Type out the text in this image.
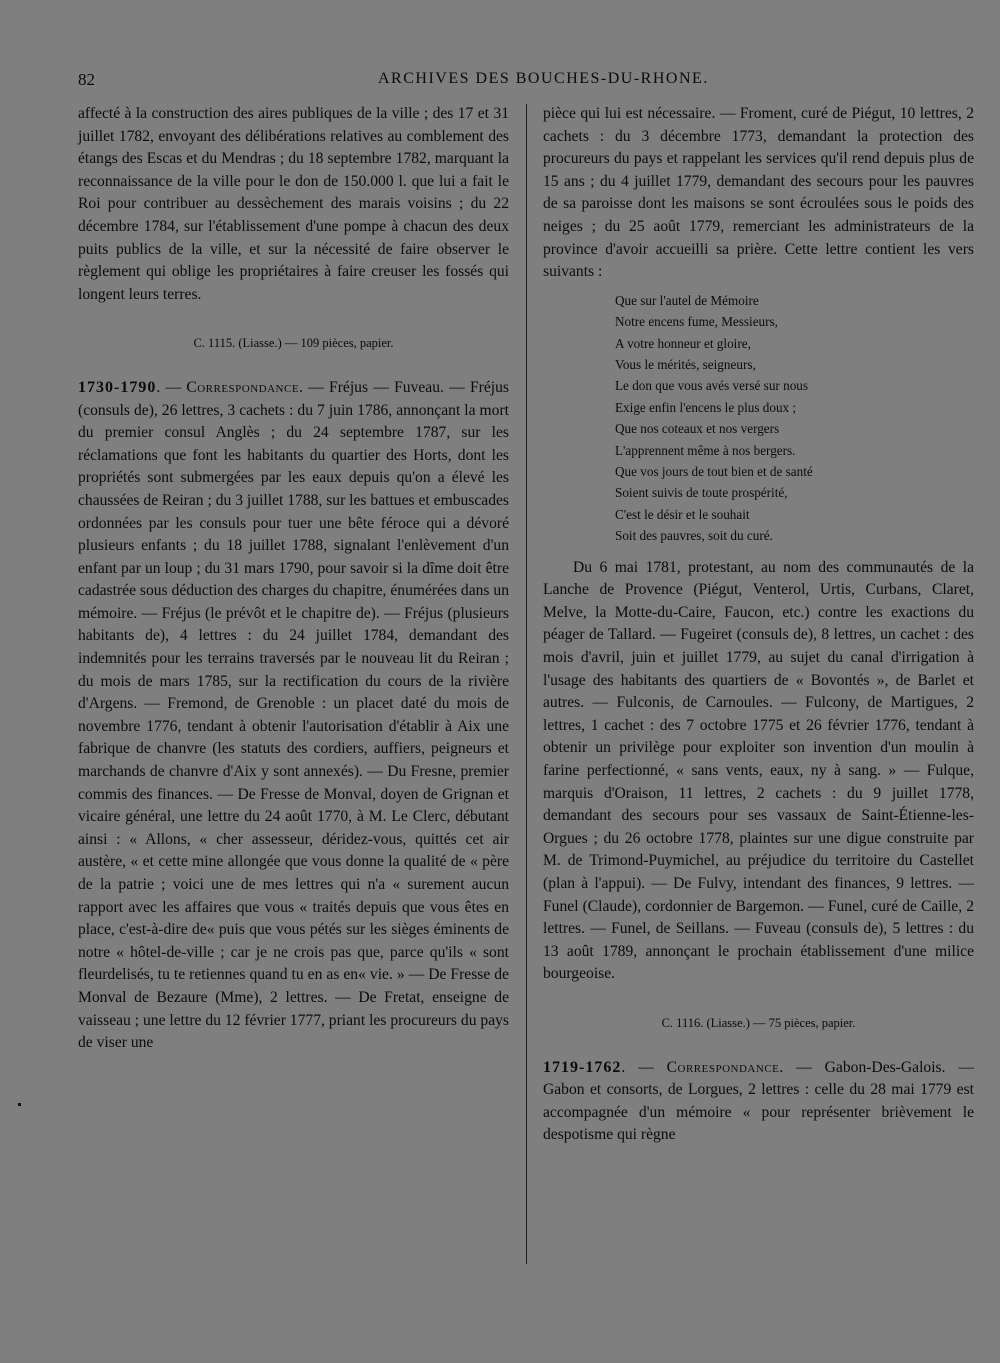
82	ARCHIVES DES BOUCHES-DU-RHONE.

affecté à la construction des aires publiques de la ville ; des 17 et 31 juillet 1782, envoyant des délibérations relatives au comblement des étangs des Escas et du Mendras ; du 18 septembre 1782, marquant la reconnaissance de la ville pour le don de 150.000 l. que lui a fait le Roi pour contribuer au dessèchement des marais voisins ; du 22 décembre 1784, sur l'établissement d'une pompe à chacun des deux puits publics de la ville, et sur la nécessité de faire observer le règlement qui oblige les propriétaires à faire creuser les fossés qui longent leurs terres.

C. 1115. (Liasse.) — 109 pièces, papier.

1730-1790. — Correspondance. — Fréjus — Fuveau. — Fréjus (consuls de), 26 lettres, 3 cachets : du 7 juin 1786, annonçant la mort du premier consul Anglès ; du 24 septembre 1787, sur les réclamations que font les habitants du quartier des Horts, dont les propriétés sont submergées par les eaux depuis qu'on a élevé les chaussées de Reiran ; du 3 juillet 1788, sur les battues et embuscades ordonnées par les consuls pour tuer une bête féroce qui a dévoré plusieurs enfants ; du 18 juillet 1788, signalant l'enlèvement d'un enfant par un loup ; du 31 mars 1790, pour savoir si la dîme doit être cadastrée sous déduction des charges du chapitre, énumérées dans un mémoire. — Fréjus (le prévôt et le chapitre de). — Fréjus (plusieurs habitants de), 4 lettres : du 24 juillet 1784, demandant des indemnités pour les terrains traversés par le nouveau lit du Reiran ; du mois de mars 1785, sur la rectification du cours de la rivière d'Argens. — Fremond, de Grenoble : un placet daté du mois de novembre 1776, tendant à obtenir l'autorisation d'établir à Aix une fabrique de chanvre (les statuts des cordiers, auffiers, peigneurs et marchands de chanvre d'Aix y sont annexés). — Du Fresne, premier commis des finances. — De Fresse de Monval, doyen de Grignan et vicaire général, une lettre du 24 août 1770, à M. Le Clerc, débutant ainsi : « Allons, « cher assesseur, déridez-vous, quittés cet air austère, « et cette mine allongée que vous donne la qualité de « père de la patrie ; voici une de mes lettres qui n'a « surement aucun rapport avec les affaires que vous « traités depuis que vous êtes en place, c'est-à-dire de« puis que vous pétés sur les sièges éminents de notre « hôtel-de-ville ; car je ne crois pas que, parce qu'ils « sont fleurdelisés, tu te retiennes quand tu en as en« vie. » — De Fresse de Monval de Bezaure (Mme), 2 lettres. — De Fretat, enseigne de vaisseau ; une lettre du 12 février 1777, priant les procureurs du pays de viser une

pièce qui lui est nécessaire. — Froment, curé de Piégut, 10 lettres, 2 cachets : du 3 décembre 1773, demandant la protection des procureurs du pays et rappelant les services qu'il rend depuis plus de 15 ans ; du 4 juillet 1779, demandant des secours pour les pauvres de sa paroisse dont les maisons se sont écroulées sous le poids des neiges ; du 25 août 1779, remerciant les administrateurs de la province d'avoir accueilli sa prière. Cette lettre contient les vers suivants :

Que sur l'autel de Mémoire
Notre encens fume, Messieurs,
A votre honneur et gloire,
Vous le mérités, seigneurs,
Le don que vous avés versé sur nous
Exige enfin l'encens le plus doux ;
Que nos coteaux et nos vergers
L'apprennent même à nos bergers.
Que vos jours de tout bien et de santé
Soient suivis de toute prospérité,
C'est le désir et le souhait
Soit des pauvres, soit du curé.

Du 6 mai 1781, protestant, au nom des communautés de la Lanche de Provence (Piégut, Venterol, Urtis, Curbans, Claret, Melve, la Motte-du-Caire, Faucon, etc.) contre les exactions du péager de Tallard. — Fugeiret (consuls de), 8 lettres, un cachet : des mois d'avril, juin et juillet 1779, au sujet du canal d'irrigation à l'usage des habitants des quartiers de « Bovontés », de Barlet et autres. — Fulconis, de Carnoules. — Fulcony, de Martigues, 2 lettres, 1 cachet : des 7 octobre 1775 et 26 février 1776, tendant à obtenir un privilège pour exploiter son invention d'un moulin à farine perfectionné, « sans vents, eaux, ny à sang. » — Fulque, marquis d'Oraison, 11 lettres, 2 cachets : du 9 juillet 1778, demandant des secours pour ses vassaux de Saint-Étienne-les-Orgues ; du 26 octobre 1778, plaintes sur une digue construite par M. de Trimond-Puymichel, au préjudice du territoire du Castellet (plan à l'appui). — De Fulvy, intendant des finances, 9 lettres. — Funel (Claude), cordonnier de Bargemon. — Funel, curé de Caille, 2 lettres. — Funel, de Seillans. — Fuveau (consuls de), 5 lettres : du 13 août 1789, annonçant le prochain établissement d'une milice bourgeoise.

C. 1116. (Liasse.) — 75 pièces, papier.

1719-1762. — Correspondance. — Gabon-Des-Galois. — Gabon et consorts, de Lorgues, 2 lettres : celle du 28 mai 1779 est accompagnée d'un mémoire « pour représenter brièvement le despotisme qui règne
